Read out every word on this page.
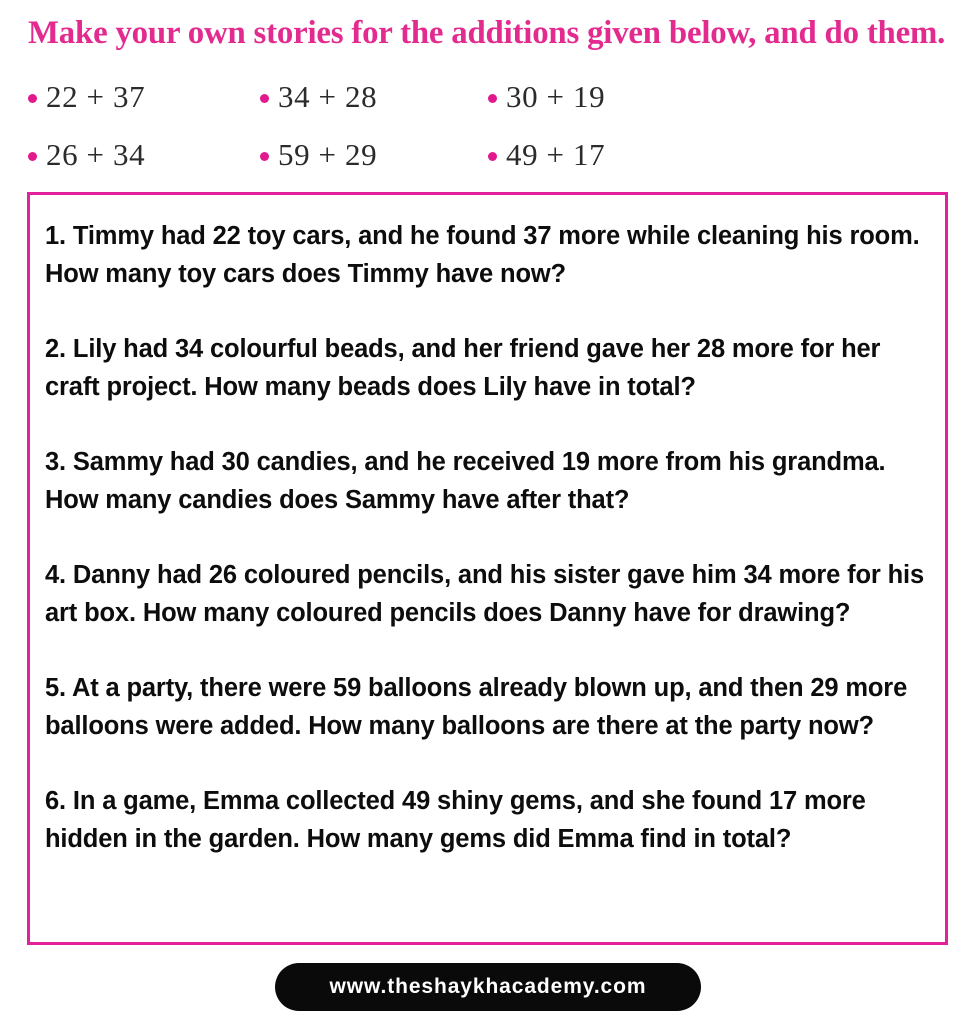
Make your own stories for the additions given below, and do them.
22 + 37	34 + 28	30 + 19
26 + 34	59 + 29	49 + 17

1. Timmy had 22 toy cars, and he found 37 more while cleaning his room. How many toy cars does Timmy have now?

2. Lily had 34 colourful beads, and her friend gave her 28 more for her craft project. How many beads does Lily have in total?

3. Sammy had 30 candies, and he received 19 more from his grandma. How many candies does Sammy have after that?

4. Danny had 26 coloured pencils, and his sister gave him 34 more for his art box. How many coloured pencils does Danny have for drawing?

5. At a party, there were 59 balloons already blown up, and then 29 more balloons were added. How many balloons are there at the party now?

6. In a game, Emma collected 49 shiny gems, and she found 17 more hidden in the garden. How many gems did Emma find in total?

www.theshaykhacademy.com
